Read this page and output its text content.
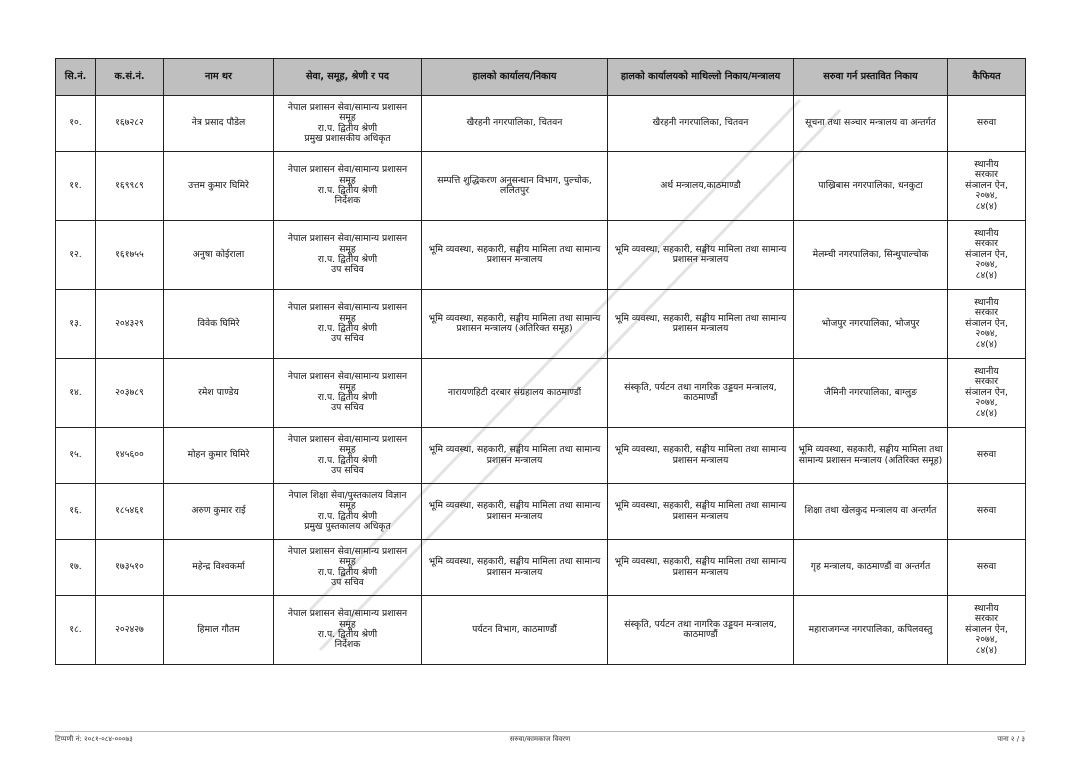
सि.नं.	क.सं.नं.	नाम थर	सेवा, समूह, श्रेणी र पद	हालको कार्यालय/निकाय	हालको कार्यालयको माथिल्लो निकाय/मन्त्रालय	सरुवा गर्न प्रस्तावित निकाय	कैफियत
१०.	१६७२८२	नेत्र प्रसाद पौडेल	नेपाल प्रशासन सेवा/सामान्य प्रशासन
समूह
रा.प. द्वितीय श्रेणी
प्रमुख प्रशासकीय अधिकृत	खैरहनी नगरपालिका, चितवन	खैरहनी नगरपालिका, चितवन	सूचना तथा सञ्चार मन्त्रालय वा अन्तर्गत	सरुवा

११.	१६९९८९	उत्तम कुमार घिमिरे	नेपाल प्रशासन सेवा/सामान्य प्रशासन
समूह
रा.प. द्वितीय श्रेणी
निर्देशक	सम्पत्ति शुद्धिकरण अनुसन्धान विभाग, पुल्चोक, ललितपुर	अर्थ मन्त्रालय,काठमाण्डौ	पाख्रिबास नगरपालिका, धनकुटा	स्थानीय
सरकार
संञालन ऐन,
२०७४,
८४(४)

१२.	१६१७५५	अनुषा कोईराला	नेपाल प्रशासन सेवा/सामान्य प्रशासन
समूह
रा.प. द्वितीय श्रेणी
उप सचिव	भूमि व्यवस्था, सहकारी, सङ्घीय मामिला तथा सामान्य प्रशासन मन्त्रालय	भूमि व्यवस्था, सहकारी, सङ्घीय मामिला तथा सामान्य प्रशासन मन्त्रालय	मेलम्ची नगरपालिका, सिन्धुपाल्चोक	स्थानीय
सरकार
संञालन ऐन,
२०७४,
८४(४)

१३.	२०४३२९	विवेक घिमिरे	नेपाल प्रशासन सेवा/सामान्य प्रशासन
समूह
रा.प. द्वितीय श्रेणी
उप सचिव	भूमि व्यवस्था, सहकारी, सङ्घीय मामिला तथा सामान्य प्रशासन मन्त्रालय (अतिरिक्त समूह)	भूमि व्यवस्था, सहकारी, सङ्घीय मामिला तथा सामान्य प्रशासन मन्त्रालय	भोजपुर नगरपालिका, भोजपुर	स्थानीय
सरकार
संञालन ऐन,
२०७४,
८४(४)

१४.	२०३७८९	रमेश पाण्डेय	नेपाल प्रशासन सेवा/सामान्य प्रशासन
समूह
रा.प. द्वितीय श्रेणी
उप सचिव	नारायणहिटी दरबार संग्रहालय काठमाण्डौं	संस्कृति, पर्यटन तथा नागरिक उड्डयन मन्त्रालय, काठमाण्डौं	जैमिनी नगरपालिका, बाग्लुङ	स्थानीय
सरकार
संञालन ऐन,
२०७४,
८४(४)

१५.	१४५६००	मोहन कुमार घिमिरे	नेपाल प्रशासन सेवा/सामान्य प्रशासन
समूह
रा.प. द्वितीय श्रेणी
उप सचिव	भूमि व्यवस्था, सहकारी, सङ्घीय मामिला तथा सामान्य प्रशासन मन्त्रालय	भूमि व्यवस्था, सहकारी, सङ्घीय मामिला तथा सामान्य प्रशासन मन्त्रालय	भूमि व्यवस्था, सहकारी, सङ्घीय मामिला तथा सामान्य प्रशासन मन्त्रालय (अतिरिक्त समूह)	सरुवा

१६.	१८५४६१	अरुण कुमार राई	नेपाल शिक्षा सेवा/पुस्तकालय विज्ञान
समूह
रा.प. द्वितीय श्रेणी
प्रमुख पुस्तकालय अधिकृत	भूमि व्यवस्था, सहकारी, सङ्घीय मामिला तथा सामान्य प्रशासन मन्त्रालय	भूमि व्यवस्था, सहकारी, सङ्घीय मामिला तथा सामान्य प्रशासन मन्त्रालय	शिक्षा तथा खेलकुद मन्त्रालय वा अन्तर्गत	सरुवा

१७.	१७३५१०	महेन्द्र विश्वकर्मा	नेपाल प्रशासन सेवा/सामान्य प्रशासन
समूह
रा.प. द्वितीय श्रेणी
उप सचिव	भूमि व्यवस्था, सहकारी, सङ्घीय मामिला तथा सामान्य प्रशासन मन्त्रालय	भूमि व्यवस्था, सहकारी, सङ्घीय मामिला तथा सामान्य प्रशासन मन्त्रालय	गृह मन्त्रालय, काठमाण्डौं वा अन्तर्गत	सरुवा

१८.	२०२४२७	हिमाल गौतम	नेपाल प्रशासन सेवा/सामान्य प्रशासन
समूह
रा.प. द्वितीय श्रेणी
निर्देशक	पर्यटन विभाग, काठमाण्डौं	संस्कृति, पर्यटन तथा नागरिक उड्डयन मन्त्रालय, काठमाण्डौं	महाराजगन्ज नगरपालिका, कपिलवस्तु	स्थानीय
सरकार
संञालन ऐन,
२०७४,
८४(४)
टिप्पणी नं: २०८१-०८४-०००७३	सरुवा/कामकाज विवरण	पाना २ / ३
